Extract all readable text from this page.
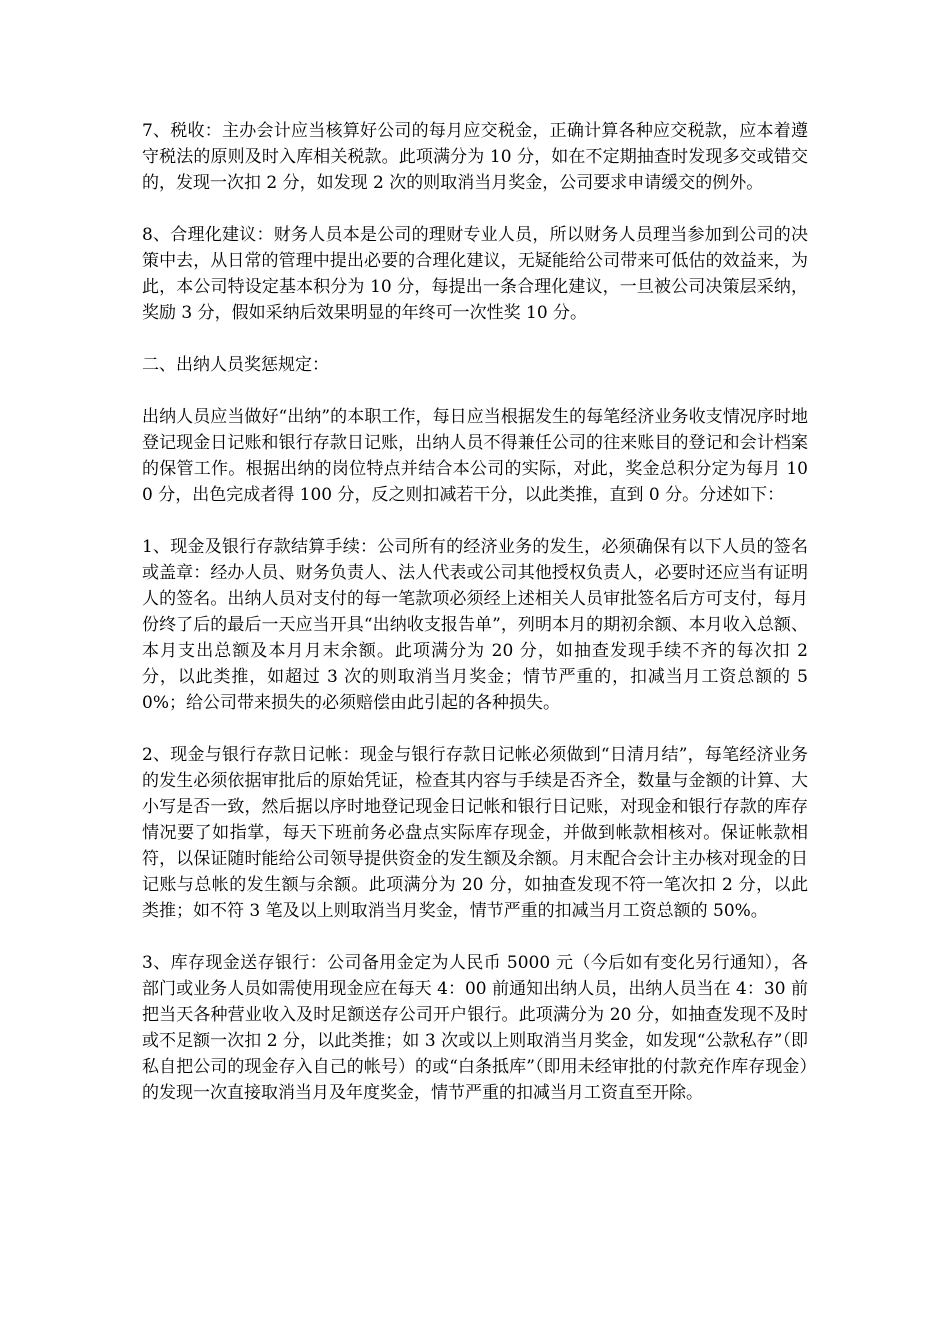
7、税收：主办会计应当核算好公司的每月应交税金，正确计算各种应交税款，应本着遵守税法的原则及时入库相关税款。此项满分为 10 分，如在不定期抽查时发现多交或错交的，发现一次扣 2 分，如发现 2 次的则取消当月奖金，公司要求申请缓交的例外。

8、合理化建议：财务人员本是公司的理财专业人员，所以财务人员理当参加到公司的决策中去，从日常的管理中提出必要的合理化建议，无疑能给公司带来可低估的效益来，为此，本公司特设定基本积分为 10 分，每提出一条合理化建议，一旦被公司决策层采纳，奖励 3 分，假如采纳后效果明显的年终可一次性奖 10 分。

二、出纳人员奖惩规定：

出纳人员应当做好“出纳”的本职工作，每日应当根据发生的每笔经济业务收支情况序时地登记现金日记账和银行存款日记账，出纳人员不得兼任公司的往来账目的登记和会计档案的保管工作。根据出纳的岗位特点并结合本公司的实际，对此，奖金总积分定为每月 100 分，出色完成者得 100 分，反之则扣减若干分，以此类推，直到 0 分。分述如下：

1、现金及银行存款结算手续：公司所有的经济业务的发生，必须确保有以下人员的签名或盖章：经办人员、财务负责人、法人代表或公司其他授权负责人，必要时还应当有证明人的签名。出纳人员对支付的每一笔款项必须经上述相关人员审批签名后方可支付，每月份终了后的最后一天应当开具“出纳收支报告单”，列明本月的期初余额、本月收入总额、本月支出总额及本月月末余额。此项满分为 20 分，如抽查发现手续不齐的每次扣 2 分，以此类推，如超过 3 次的则取消当月奖金；情节严重的，扣减当月工资总额的 50%；给公司带来损失的必须赔偿由此引起的各种损失。

2、现金与银行存款日记帐：现金与银行存款日记帐必须做到“日清月结”，每笔经济业务的发生必须依据审批后的原始凭证，检查其内容与手续是否齐全，数量与金额的计算、大小写是否一致，然后据以序时地登记现金日记帐和银行日记账，对现金和银行存款的库存情况要了如指掌，每天下班前务必盘点实际库存现金，并做到帐款相核对。保证帐款相符，以保证随时能给公司领导提供资金的发生额及余额。月末配合会计主办核对现金的日记账与总帐的发生额与余额。此项满分为 20 分，如抽查发现不符一笔次扣 2 分，以此类推；如不符 3 笔及以上则取消当月奖金，情节严重的扣减当月工资总额的 50%。

3、库存现金送存银行：公司备用金定为人民币 5000 元（今后如有变化另行通知），各部门或业务人员如需使用现金应在每天 4：00 前通知出纳人员，出纳人员当在 4：30 前把当天各种营业收入及时足额送存公司开户银行。此项满分为 20 分，如抽查发现不及时或不足额一次扣 2 分，以此类推；如 3 次或以上则取消当月奖金，如发现“公款私存”（即私自把公司的现金存入自己的帐号）的或“白条抵库”（即用未经审批的付款充作库存现金）的发现一次直接取消当月及年度奖金，情节严重的扣减当月工资直至开除。
